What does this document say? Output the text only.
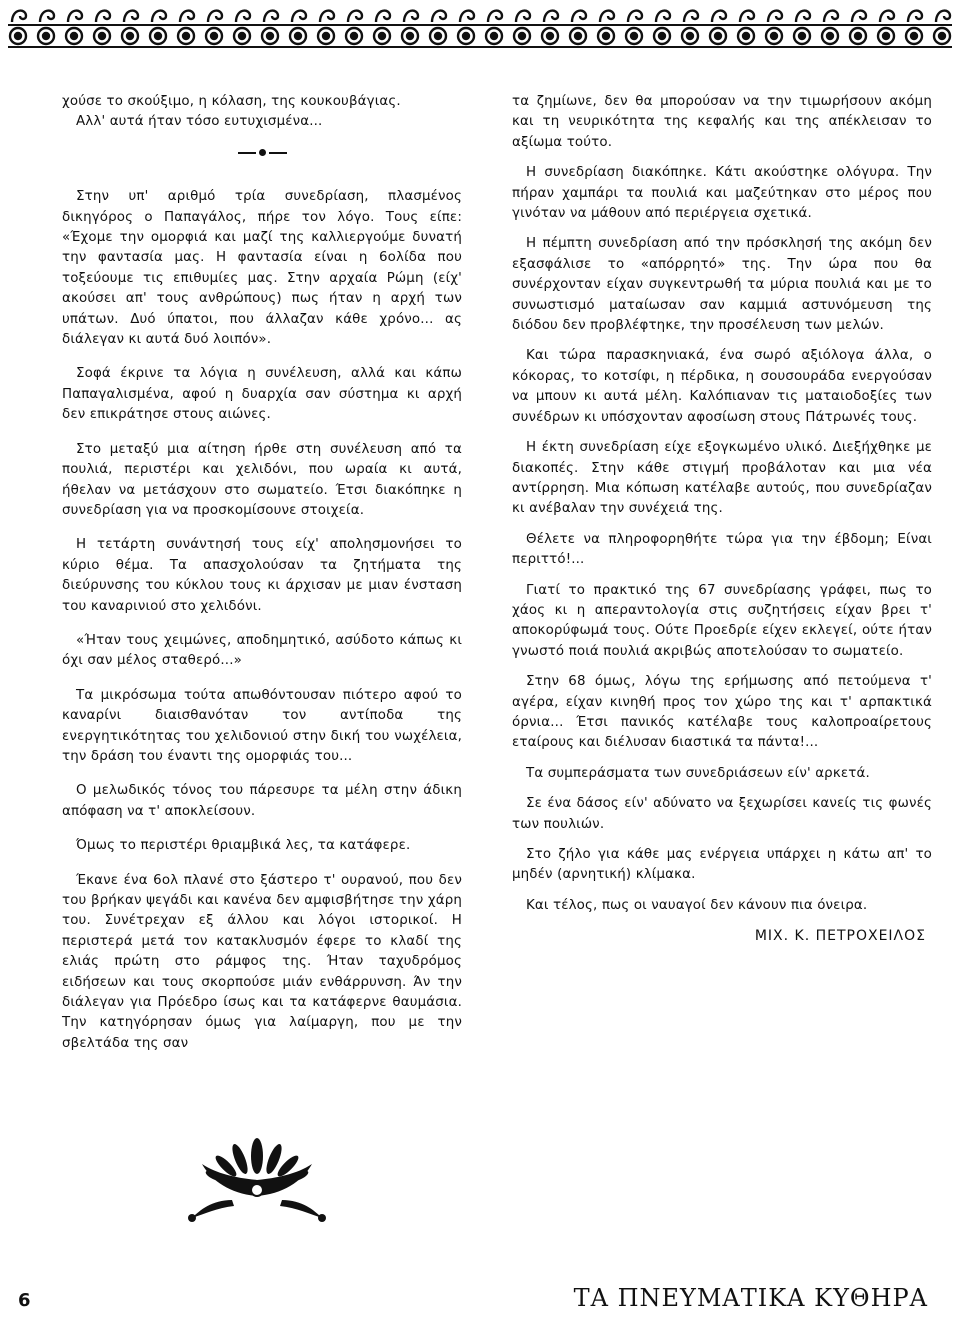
χούσε το σκούξιμο, η κόλαση, της κουκουβάγιας.

Αλλ' αυτά ήταν τόσο ευτυχισμένα...

Στην υπ' αριθμό τρία συνεδρίαση, πλασμένος δικηγόρος ο Παπαγάλος, πήρε τον λόγο. Τους είπε: «Έχομε την ομορφιά και μαζί της καλλιεργούμε δυνατή την φαντασία μας. Η φαντασία είναι η 6ολίδα που τοξεύουμε τις επιθυμίες μας. Στην αρχαία Ρώμη (είχ' ακούσει απ' τους ανθρώπους) πως ήταν η αρχή των υπάτων. Δυό ύπατοι, που άλλαζαν κάθε χρόνο... ας διάλεγαν κι αυτά δυό λοιπόν».

Σοφά έκρινε τα λόγια η συνέλευση, αλλά και κάπω Παπαγαλισμένα, αφού η δυαρχία σαν σύστημα κι αρχή δεν επικράτησε στους αιώνες.

Στο μεταξύ μια αίτηση ήρθε στη συνέλευση από τα πουλιά, περιστέρι και χελιδόνι, που ωραία κι αυτά, ήθελαν να μετάσχουν στο σωματείο. Έτσι διακόπηκε η συνεδρίαση για να προσκομίσουνε στοιχεία.

Η τετάρτη συνάντησή τους είχ' απολησμονήσει το κύριο θέμα. Τα απασχολούσαν τα ζητήματα της διεύρυνσης του κύκλου τους κι άρχισαν με μιαν ένσταση του καναρινιού στο χελιδόνι.

«Ήταν τους χειμώνες, αποδημητικό, ασύδοτο κάπως κι όχι σαν μέλος σταθερό...»

Τα μικρόσωμα τούτα απωθόντουσαν πιότερο αφού το καναρίνι διαισθανόταν τον αντίποδα της ενεργητικότητας του χελιδονιού στην δική του νωχέλεια, την δράση του έναντι της ομορφιάς του...

Ο μελωδικός τόνος του πάρεσυρε τα μέλη στην άδικη απόφαση να τ' αποκλείσουν.

Όμως το περιστέρι θριαμβικά λες, τα κατάφερε.

Έκανε ένα 6ολ πλανέ στο ξάστερο τ' ουρανού, που δεν του βρήκαν ψεγάδι και κανένα δεν αμφισβήτησε την χάρη του. Συνέτρεχαν εξ άλλου και λόγοι ιστορικοί. Η περιστερά μετά τον κατακλυσμόν έφερε το κλαδί της ελιάς πρώτη στο ράμφος της. Ήταν ταχυδρόμος ειδήσεων και τους σκορπούσε μιάν ενθάρρυνση. Άν την διάλεγαν για Πρόεδρο ίσως και τα κατάφερνε θαυμάσια. Την κατηγόρησαν όμως για λαίμαργη, που με την σβελτάδα της σαν

τα ζημίωνε, δεν θα μπορούσαν να την τιμωρήσουν ακόμη και τη νευρικότητα της κεφαλής και της απέκλεισαν το αξίωμα τούτο.

Η συνεδρίαση διακόπηκε. Κάτι ακούστηκε ολόγυρα. Την πήραν χαμπάρι τα πουλιά και μαζεύτηκαν στο μέρος που γινόταν να μάθουν από περιέργεια σχετικά.

Η πέμπτη συνεδρίαση από την πρόσκλησή της ακόμη δεν εξασφάλισε το «απόρρητό» της. Την ώρα που θα συνέρχονταν είχαν συγκεντρωθή τα μύρια πουλιά και με το συνωστισμό ματαίωσαν σαν καμμιά αστυνόμευση της διόδου δεν προβλέφτηκε, την προσέλευση των μελών.

Και τώρα παρασκηνιακά, ένα σωρό αξιόλογα άλλα, ο κόκορας, το κοτσίφι, η πέρδικα, η σουσουράδα ενεργούσαν να μπουν κι αυτά μέλη. Καλόπιαναν τις ματαιοδοξίες των συνέδρων κι υπόσχονταν αφοσίωση στους Πάτρωνές τους.

Η έκτη συνεδρίαση είχε εξογκωμένο υλικό. Διεξήχθηκε με διακοπές. Στην κάθε στιγμή προβάλοταν και μια νέα αντίρρηση. Μια κόπωση κατέλαβε αυτούς, που συνεδρίαζαν κι ανέβαλαν την συνέχειά της.

Θέλετε να πληροφορηθήτε τώρα για την έβδομη; Είναι περιττό!...

Γιατί το πρακτικό της 67 συνεδρίασης γράφει, πως το χάος κι η απεραντολογία στις συζητήσεις είχαν βρει τ' αποκορύφωμά τους. Ούτε Προεδρίε είχεν εκλεγεί, ούτε ήταν γνωστό ποιά πουλιά ακριβώς αποτελούσαν το σωματείο.

Στην 68 όμως, λόγω της ερήμωσης από πετούμενα τ' αγέρα, είχαν κινηθή προς τον χώρο της και τ' αρπακτικά όρνια... Έτσι πανικός κατέλαβε τους καλοπροαίρετους εταίρους και διέλυσαν 6ιαστικά τα πάντα!...

Τα συμπεράσματα των συνεδριάσεων είν' αρκετά.

Σε ένα δάσος είν' αδύνατο να ξεχωρίσει κανείς τις φωνές των πουλιών.

Στο ζήλο για κάθε μας ενέργεια υπάρχει η κάτω απ' το μηδέν (αρνητική) κλίμακα.

Και τέλος, πως οι ναυαγοί δεν κάνουν πια όνειρα.

ΜΙΧ. Κ. ΠΕΤΡΟΧΕΙΛΟΣ
6	ΤΑ ΠΝΕΥΜΑΤΙΚΑ ΚΥΘΗΡΑ
